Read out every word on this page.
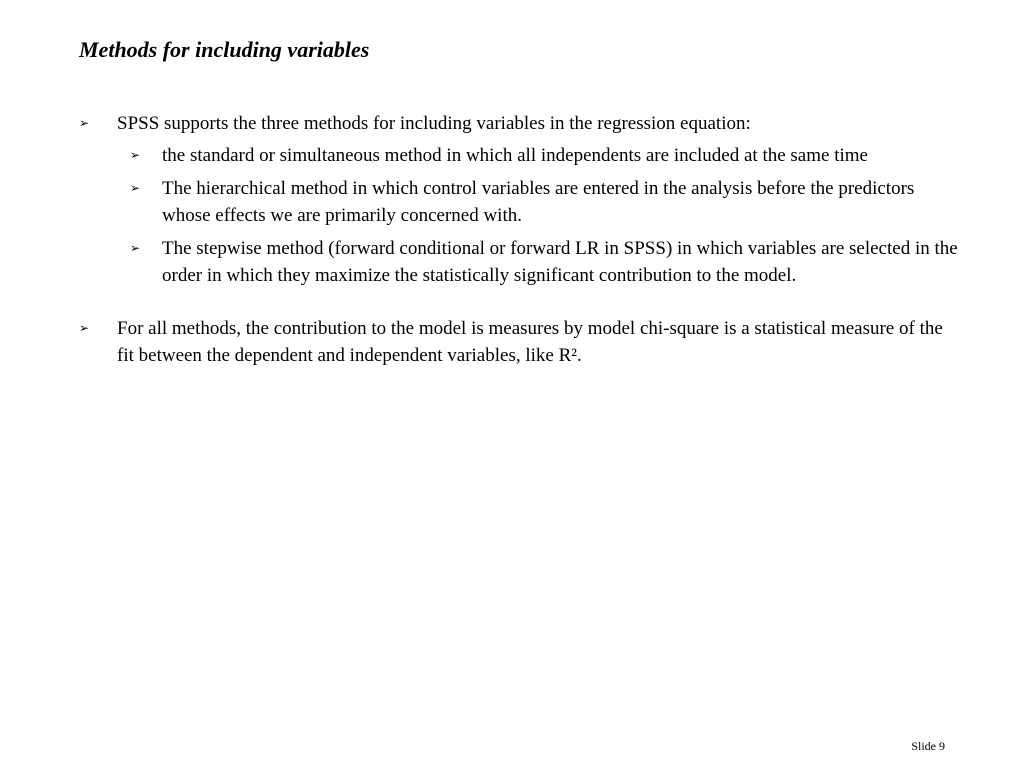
Methods for including variables
➢ SPSS supports the three methods for including variables in the regression equation:
➢ the standard or simultaneous method in which all independents are included at the same time
➢ The hierarchical method in which control variables are entered in the analysis before the predictors whose effects we are primarily concerned with.
➢ The stepwise method (forward conditional or forward LR in SPSS) in which variables are selected in the order in which they maximize the statistically significant contribution to the model.
➢ For all methods, the contribution to the model is measures by model chi-square is a statistical measure of the fit between the dependent and independent variables, like R².
Slide 9
